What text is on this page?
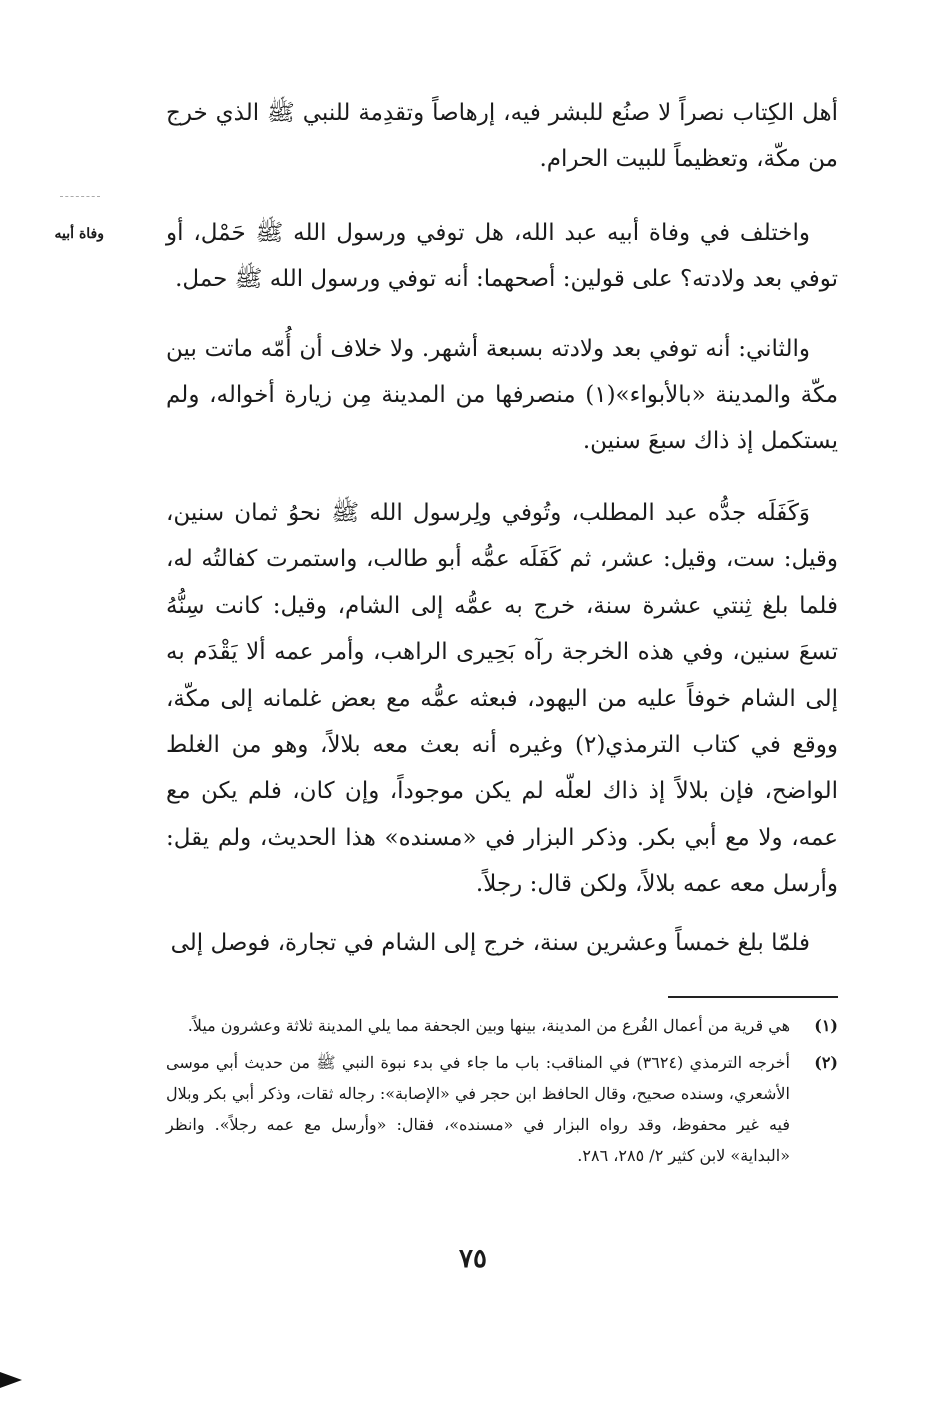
وفاة أبيه

أهل الكِتاب نصراً لا صنُع للبشر فيه، إرهاصاً وتقدِمة للنبي ﷺ الذي خرج من مكّة، وتعظيماً للبيت الحرام.

واختلف في وفاة أبيه عبد الله، هل توفي ورسول الله ﷺ حَمْل، أو توفي بعد ولادته؟ على قولين: أصحهما: أنه توفي ورسول الله ﷺ حمل.

والثاني: أنه توفي بعد ولادته بسبعة أشهر. ولا خلاف أن أُمّه ماتت بين مكّة والمدينة «بالأبواء»(١) منصرفها من المدينة مِن زيارة أخواله، ولم يستكمل إذ ذاك سبعَ سنين.

وَكَفَلَه جدُّه عبد المطلب، وتُوفي ولِرسول الله ﷺ نحوُ ثمان سنين، وقيل: ست، وقيل: عشر، ثم كَفَلَه عمُّه أبو طالب، واستمرت كفالتُه له، فلما بلغ ثِنتي عشرة سنة، خرج به عمُّه إلى الشام، وقيل: كانت سِنُّهُ تسعَ سنين، وفي هذه الخرجة رآه بَحِيرى الراهب، وأمر عمه ألا يَقْدَم به إلى الشام خوفاً عليه من اليهود، فبعثه عمُّه مع بعض غلمانه إلى مكّة، ووقع في كتاب الترمذي(٢) وغيره أنه بعث معه بلالاً، وهو من الغلط الواضح، فإن بلالاً إذ ذاك لعلّه لم يكن موجوداً، وإن كان، فلم يكن مع عمه، ولا مع أبي بكر. وذكر البزار في «مسنده» هذا الحديث، ولم يقل: وأرسل معه عمه بلالاً، ولكن قال: رجلاً.

فلمّا بلغ خمساً وعشرين سنة، خرج إلى الشام في تجارة، فوصل إلى

(١)
هي قرية من أعمال الفُرع من المدينة، بينها وبين الجحفة مما يلي المدينة ثلاثة وعشرون ميلاً.
(٢)
أخرجه الترمذي (٣٦٢٤) في المناقب: باب ما جاء في بدء نبوة النبي ﷺ من حديث أبي موسى الأشعري، وسنده صحيح، وقال الحافظ ابن حجر في «الإصابة»: رجاله ثقات، وذكر أبي بكر وبلال فيه غير محفوظ، وقد رواه البزار في «مسنده»، فقال: «وأرسل مع عمه رجلاً». وانظر «البداية» لابن كثير ٢/ ٢٨٥، ٢٨٦.
٧٥
